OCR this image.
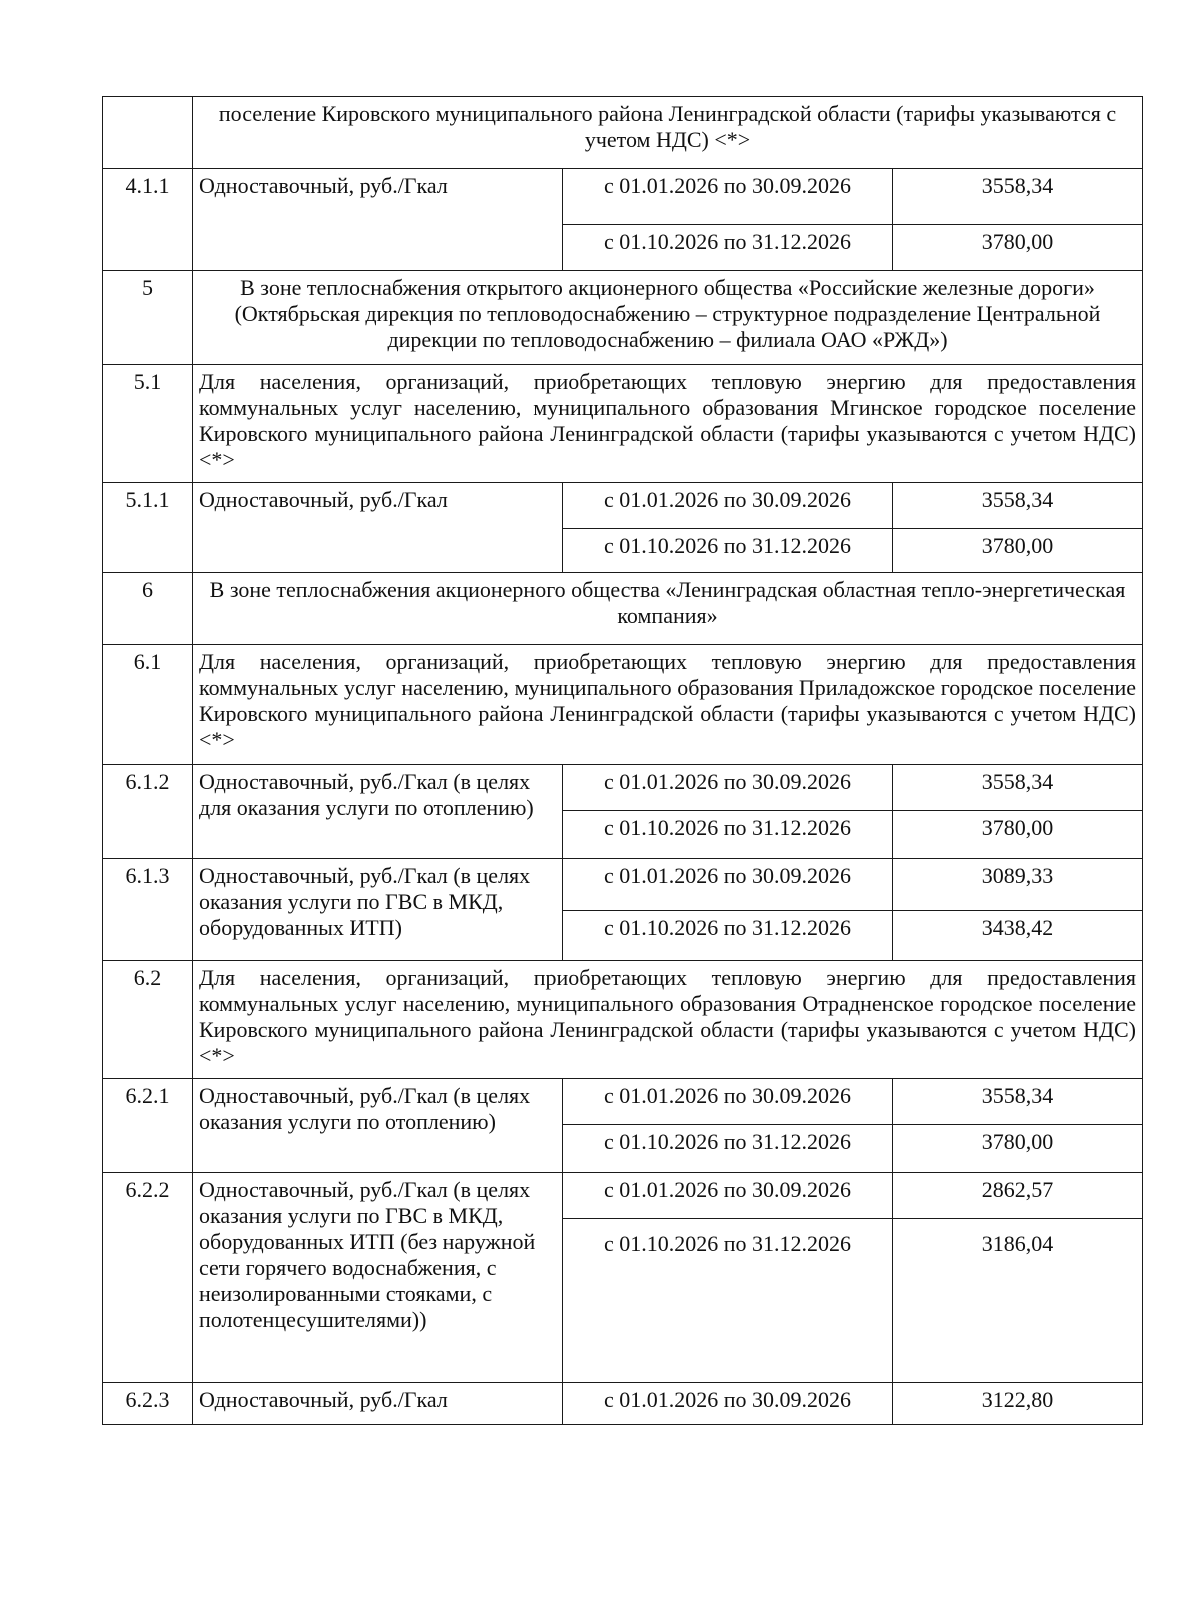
	поселение Кировского муниципального района Ленинградской области (тарифы указываются с учетом НДС) <*>		
4.1.1	Одноставочный, руб./Гкал	с 01.01.2026 по 30.09.2026	3558,34
		с 01.10.2026 по 31.12.2026	3780,00
5	В зоне теплоснабжения открытого акционерного общества «Российские железные дороги» (Октябрьская дирекция по тепловодоснабжению – структурное подразделение Центральной дирекции по тепловодоснабжению – филиала ОАО «РЖД»)		
5.1	Для населения, организаций, приобретающих тепловую энергию для предоставления коммунальных услуг населению, муниципального образования Мгинское городское поселение Кировского муниципального района Ленинградской области (тарифы указываются с учетом НДС) <*>		
5.1.1	Одноставочный, руб./Гкал	с 01.01.2026 по 30.09.2026	3558,34
		с 01.10.2026 по 31.12.2026	3780,00
6	В зоне теплоснабжения акционерного общества «Ленинградская областная тепло-энергетическая компания»		
6.1	Для населения, организаций, приобретающих тепловую энергию для предоставления коммунальных услуг населению, муниципального образования Приладожское городское поселение Кировского муниципального района Ленинградской области (тарифы указываются с учетом НДС) <*>		
6.1.2	Одноставочный, руб./Гкал (в целях для оказания услуги по отоплению)	с 01.01.2026 по 30.09.2026	3558,34
		с 01.10.2026 по 31.12.2026	3780,00
6.1.3	Одноставочный, руб./Гкал (в целях оказания услуги по ГВС в МКД, оборудованных ИТП)	с 01.01.2026 по 30.09.2026	3089,33
		с 01.10.2026 по 31.12.2026	3438,42
6.2	Для населения, организаций, приобретающих тепловую энергию для предоставления коммунальных услуг населению, муниципального образования Отрадненское городское поселение Кировского муниципального района Ленинградской области (тарифы указываются с учетом НДС) <*>		
6.2.1	Одноставочный, руб./Гкал (в целях оказания услуги по отоплению)	с 01.01.2026 по 30.09.2026	3558,34
		с 01.10.2026 по 31.12.2026	3780,00
6.2.2	Одноставочный, руб./Гкал (в целях оказания услуги по ГВС в МКД, оборудованных ИТП (без наружной сети горячего водоснабжения, с неизолированными стояками, с полотенцесушителями))	с 01.01.2026 по 30.09.2026	2862,57
		с 01.10.2026 по 31.12.2026	3186,04
6.2.3	Одноставочный, руб./Гкал	с 01.01.2026 по 30.09.2026	3122,80
